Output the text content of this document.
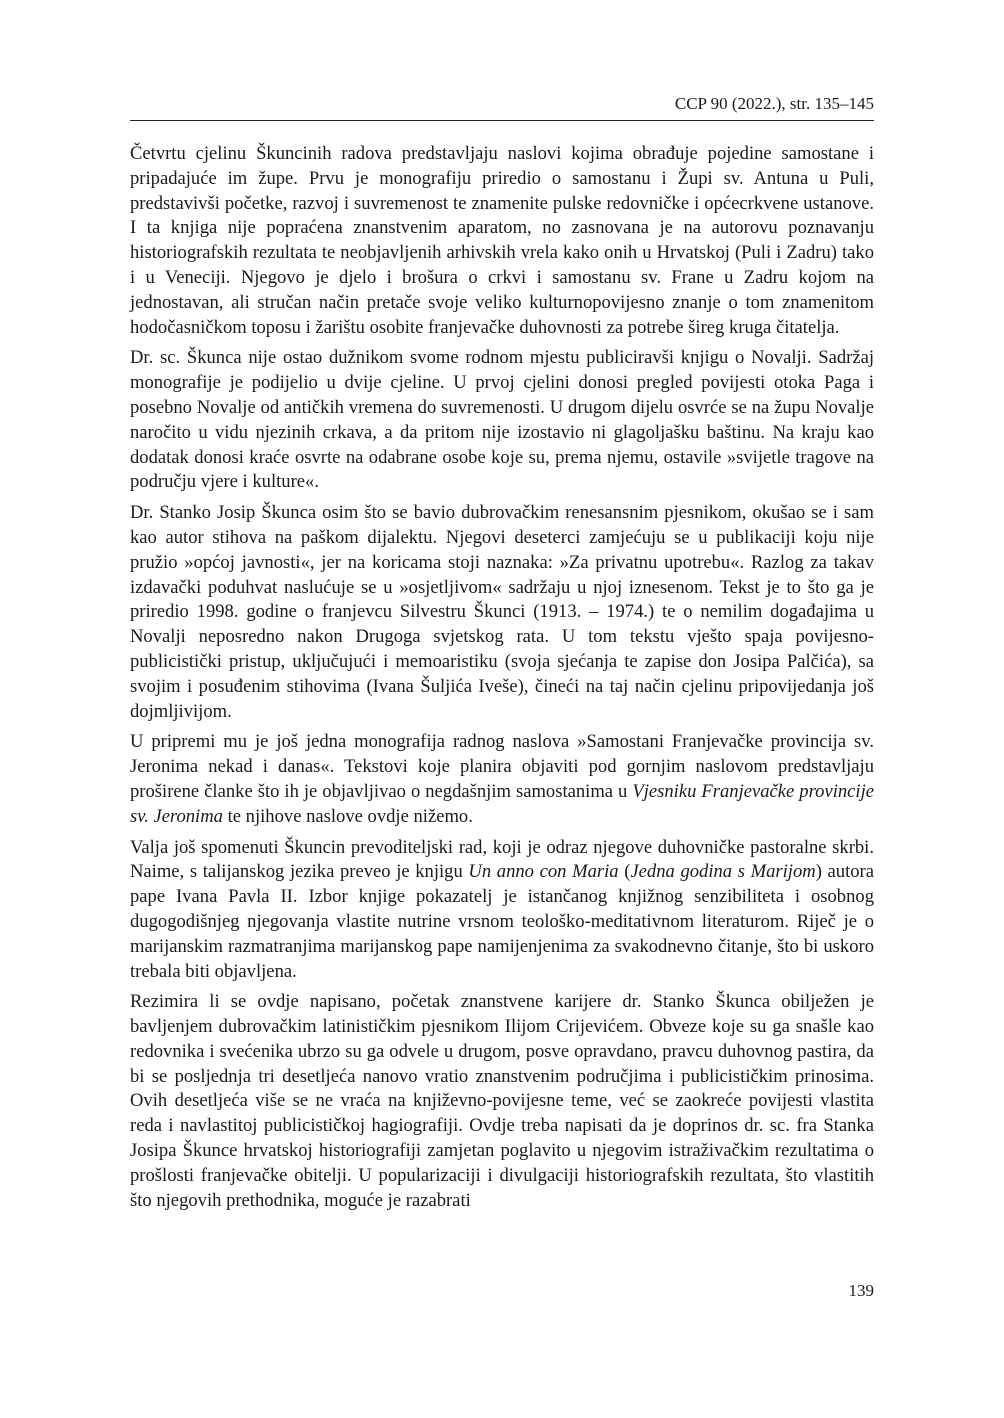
CCP 90 (2022.), str. 135–145

Četvrtu cjelinu Škuncinih radova predstavljaju naslovi kojima obrađuje pojedine samostane i pripadajuće im župe. Prvu je monografiju priredio o samostanu i Župi sv. Antuna u Puli, predstavivši početke, razvoj i suvremenost te znamenite pulske redovničke i općecrkvene ustanove. I ta knjiga nije popraćena znanstvenim aparatom, no zasnovana je na autorovu poznavanju historiografskih rezultata te neobjavljenih arhivskih vrela kako onih u Hrvatskoj (Puli i Zadru) tako i u Veneciji. Njegovo je djelo i brošura o crkvi i samostanu sv. Frane u Zadru kojom na jednostavan, ali stručan način pretače svoje veliko kulturnopovijesno znanje o tom znamenitom hodočasničkom toposu i žarištu osobite franjevačke duhovnosti za potrebe šireg kruga čitatelja.

Dr. sc. Škunca nije ostao dužnikom svome rodnom mjestu publiciravši knjigu o Novalji. Sadržaj monografije je podijelio u dvije cjeline. U prvoj cjelini donosi pregled povijesti otoka Paga i posebno Novalje od antičkih vremena do suvremenosti. U drugom dijelu osvrće se na župu Novalje naročito u vidu njezinih crkava, a da pritom nije izostavio ni glagoljašku baštinu. Na kraju kao dodatak donosi kraće osvrte na odabrane osobe koje su, prema njemu, ostavile »svijetle tragove na području vjere i kulture«.

Dr. Stanko Josip Škunca osim što se bavio dubrovačkim renesansnim pjesnikom, okušao se i sam kao autor stihova na paškom dijalektu. Njegovi deseterci zamjećuju se u publikaciji koju nije pružio »općoj javnosti«, jer na koricama stoji naznaka: »Za privatnu upotrebu«. Razlog za takav izdavački poduhvat naslućuje se u »osjetljivom« sadržaju u njoj iznesenom. Tekst je to što ga je priredio 1998. godine o franjevcu Silvestru Škunci (1913. – 1974.) te o nemilim događajima u Novalji neposredno nakon Drugoga svjetskog rata. U tom tekstu vješto spaja povijesno-publicistički pristup, uključujući i memoaristiku (svoja sjećanja te zapise don Josipa Palčića), sa svojim i posuđenim stihovima (Ivana Šuljića Iveše), čineći na taj način cjelinu pripovijedanja još dojmljivijom.

U pripremi mu je još jedna monografija radnog naslova »Samostani Franjevačke provincija sv. Jeronima nekad i danas«. Tekstovi koje planira objaviti pod gornjim naslovom predstavljaju proširene članke što ih je objavljivao o negdašnjim samostanima u Vjesniku Franjevačke provincije sv. Jeronima te njihove naslove ovdje nižemo.

Valja još spomenuti Škuncin prevoditeljski rad, koji je odraz njegove duhovničke pastoralne skrbi. Naime, s talijanskog jezika preveo je knjigu Un anno con Maria (Jedna godina s Marijom) autora pape Ivana Pavla II. Izbor knjige pokazatelj je istančanog knjižnog senzibiliteta i osobnog dugogodišnjeg njegovanja vlastite nutrine vrsnom teološko-meditativnom literaturom. Riječ je o marijanskim razmatranjima marijanskog pape namijenjenima za svakodnevno čitanje, što bi uskoro trebala biti objavljena.

Rezimira li se ovdje napisano, početak znanstvene karijere dr. Stanko Škunca obilježen je bavljenjem dubrovačkim latinističkim pjesnikom Ilijom Crijevićem. Obveze koje su ga snašle kao redovnika i svećenika ubrzo su ga odvele u drugom, posve opravdano, pravcu duhovnog pastira, da bi se posljednja tri desetljeća nanovo vratio znanstvenim područjima i publicističkim prinosima. Ovih desetljeća više se ne vraća na književno-povijesne teme, već se zaokreće povijesti vlastita reda i navlastitoj publicističkoj hagiografiji. Ovdje treba napisati da je doprinos dr. sc. fra Stanka Josipa Škunce hrvatskoj historiografiji zamjetan poglavito u njegovim istraživačkim rezultatima o prošlosti franjevačke obitelji. U popularizaciji i divulgaciji historiografskih rezultata, što vlastitih što njegovih prethodnika, moguće je razabrati

139
